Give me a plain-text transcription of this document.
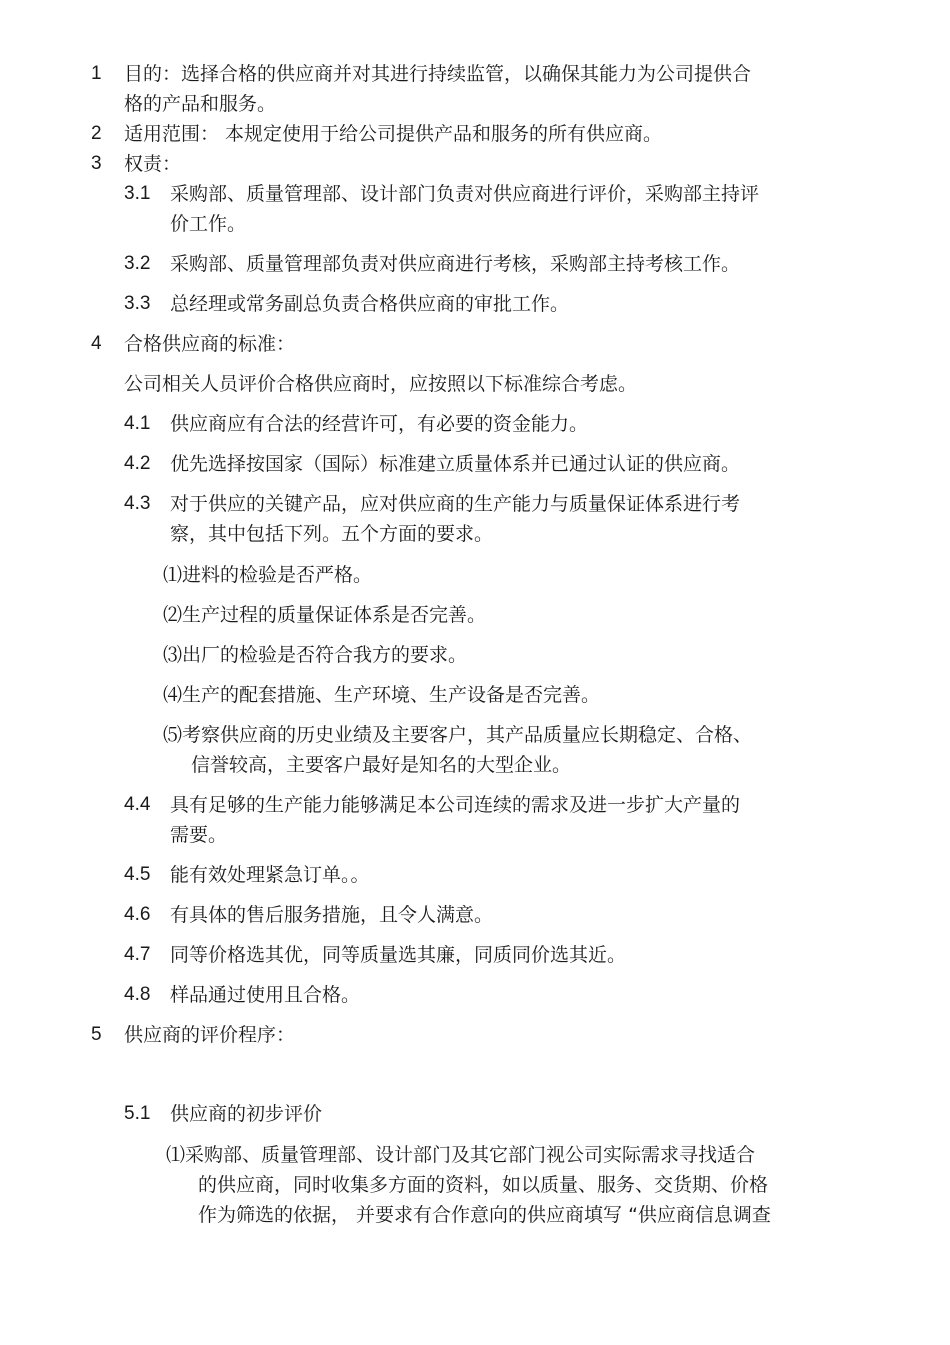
1 目的：选择合格的供应商并对其进行持续监管，以确保其能力为公司提供合
格的产品和服务。
2 适用范围： 本规定使用于给公司提供产品和服务的所有供应商。
3 权责：
3.1 采购部、质量管理部、设计部门负责对供应商进行评价，采购部主持评
价工作。
3.2 采购部、质量管理部负责对供应商进行考核，采购部主持考核工作。
3.3 总经理或常务副总负责合格供应商的审批工作。
4 合格供应商的标准：
公司相关人员评价合格供应商时，应按照以下标准综合考虑。
4.1 供应商应有合法的经营许可，有必要的资金能力。
4.2 优先选择按国家（国际）标准建立质量体系并已通过认证的供应商。
4.3 对于供应的关键产品，应对供应商的生产能力与质量保证体系进行考
察，其中包括下列。五个方面的要求。
⑴进料的检验是否严格。
⑵生产过程的质量保证体系是否完善。
⑶出厂的检验是否符合我方的要求。
⑷生产的配套措施、生产环境、生产设备是否完善。
⑸考察供应商的历史业绩及主要客户，其产品质量应长期稳定、合格、
信誉较高，主要客户最好是知名的大型企业。
4.4 具有足够的生产能力能够满足本公司连续的需求及进一步扩大产量的
需要。
4.5 能有效处理紧急订单。。
4.6 有具体的售后服务措施，且令人满意。
4.7 同等价格选其优，同等质量选其廉，同质同价选其近。
4.8 样品通过使用且合格。
5 供应商的评价程序：
5.1 供应商的初步评价
⑴采购部、质量管理部、设计部门及其它部门视公司实际需求寻找适合
的供应商，同时收集多方面的资料，如以质量、服务、交货期、价格
作为筛选的依据， 并要求有合作意向的供应商填写 “供应商信息调查
